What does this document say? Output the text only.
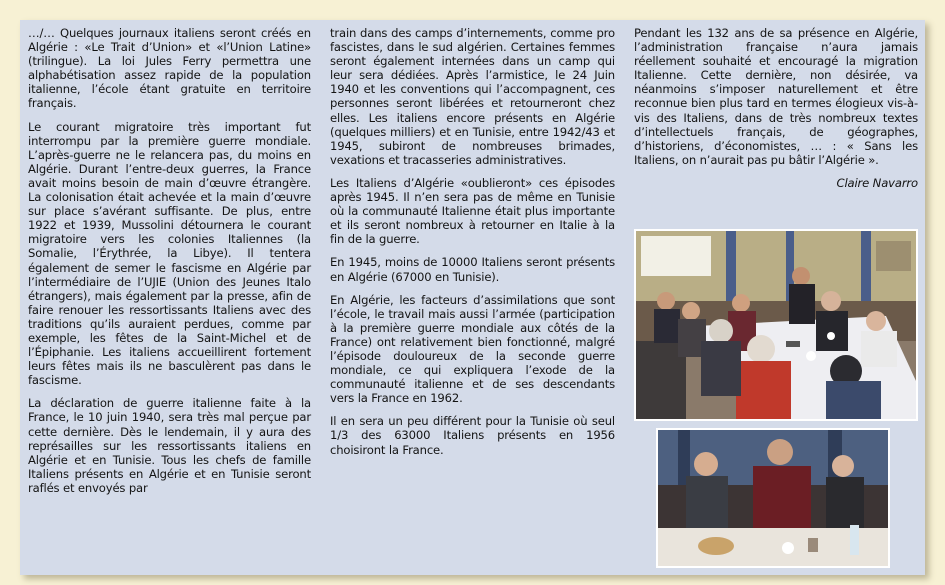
…/… Quelques journaux italiens seront créés en Algérie : «Le Trait d’Union» et «l’Union Latine» (trilingue). La loi Jules Ferry permettra une alphabétisation assez rapide de la population italienne, l’école étant gratuite en territoire français.

Le courant migratoire très important fut interrompu par la première guerre mondiale. L’après-guerre ne le relancera pas, du moins en Algérie. Durant l’entre-deux guerres, la France avait moins besoin de main d’œuvre étrangère. La colonisation était achevée et la main d’œuvre sur place s’avérant suffisante. De plus, entre 1922 et 1939, Mussolini détournera le courant migratoire vers les colonies Italiennes (la Somalie, l’Érythrée, la Libye). Il tentera également de semer le fascisme en Algérie par l’intermédiaire de l’UJIE (Union des Jeunes Italo étrangers), mais également par la presse, afin de faire renouer les ressortissants Italiens avec des traditions qu’ils auraient perdues, comme par exemple, les fêtes de la Saint-Michel et de l’Épiphanie. Les italiens accueillirent fortement leurs fêtes mais ils ne basculèrent pas dans le fascisme.

La déclaration de guerre italienne faite à la France, le 10 juin 1940, sera très mal perçue par cette dernière. Dès le lendemain, il y aura des représailles sur les ressortissants italiens en Algérie et en Tunisie. Tous les chefs de famille Italiens présents en Algérie et en Tunisie seront raflés et envoyés par

train dans des camps d’internements, comme pro fascistes, dans le sud algérien. Certaines femmes seront également internées dans un camp qui leur sera dédiées. Après l’armistice, le 24 Juin 1940 et les conventions qui l’accompagnent, ces personnes seront libérées et retourneront chez elles. Les italiens encore présents en Algérie (quelques milliers) et en Tunisie, entre 1942/43 et 1945, subiront de nombreuses brimades, vexations et tracasseries administratives.

Les Italiens d’Algérie «oublieront» ces épisodes après 1945. Il n’en sera pas de même en Tunisie où la communauté Italienne était plus importante et ils seront nombreux à retourner en Italie à la fin de la guerre.

En 1945, moins de 10000 Italiens seront présents en Algérie (67000 en Tunisie).

En Algérie, les facteurs d’assimilations que sont l’école, le travail mais aussi l’armée (participation à la première guerre mondiale aux côtés de la France) ont relativement bien fonctionné, malgré l’épisode douloureux de la seconde guerre mondiale, ce qui expliquera l’exode de la communauté italienne et de ses descendants vers la France en 1962.

Il en sera un peu différent pour la Tunisie où seul 1/3 des 63000 Italiens présents en 1956 choisiront la France.

Pendant les 132 ans de sa présence en Algérie, l’administration française n’aura jamais réellement souhaité et encouragé la migration Italienne. Cette dernière, non désirée, va néanmoins s’imposer naturellement et être reconnue bien plus tard en termes élogieux vis-à-vis des Italiens, dans de très nombreux textes d’intellectuels français, de géographes, d’historiens, d’économistes, … : « Sans les Italiens, on n’aurait pas pu bâtir l’Algérie ».

Claire Navarro
